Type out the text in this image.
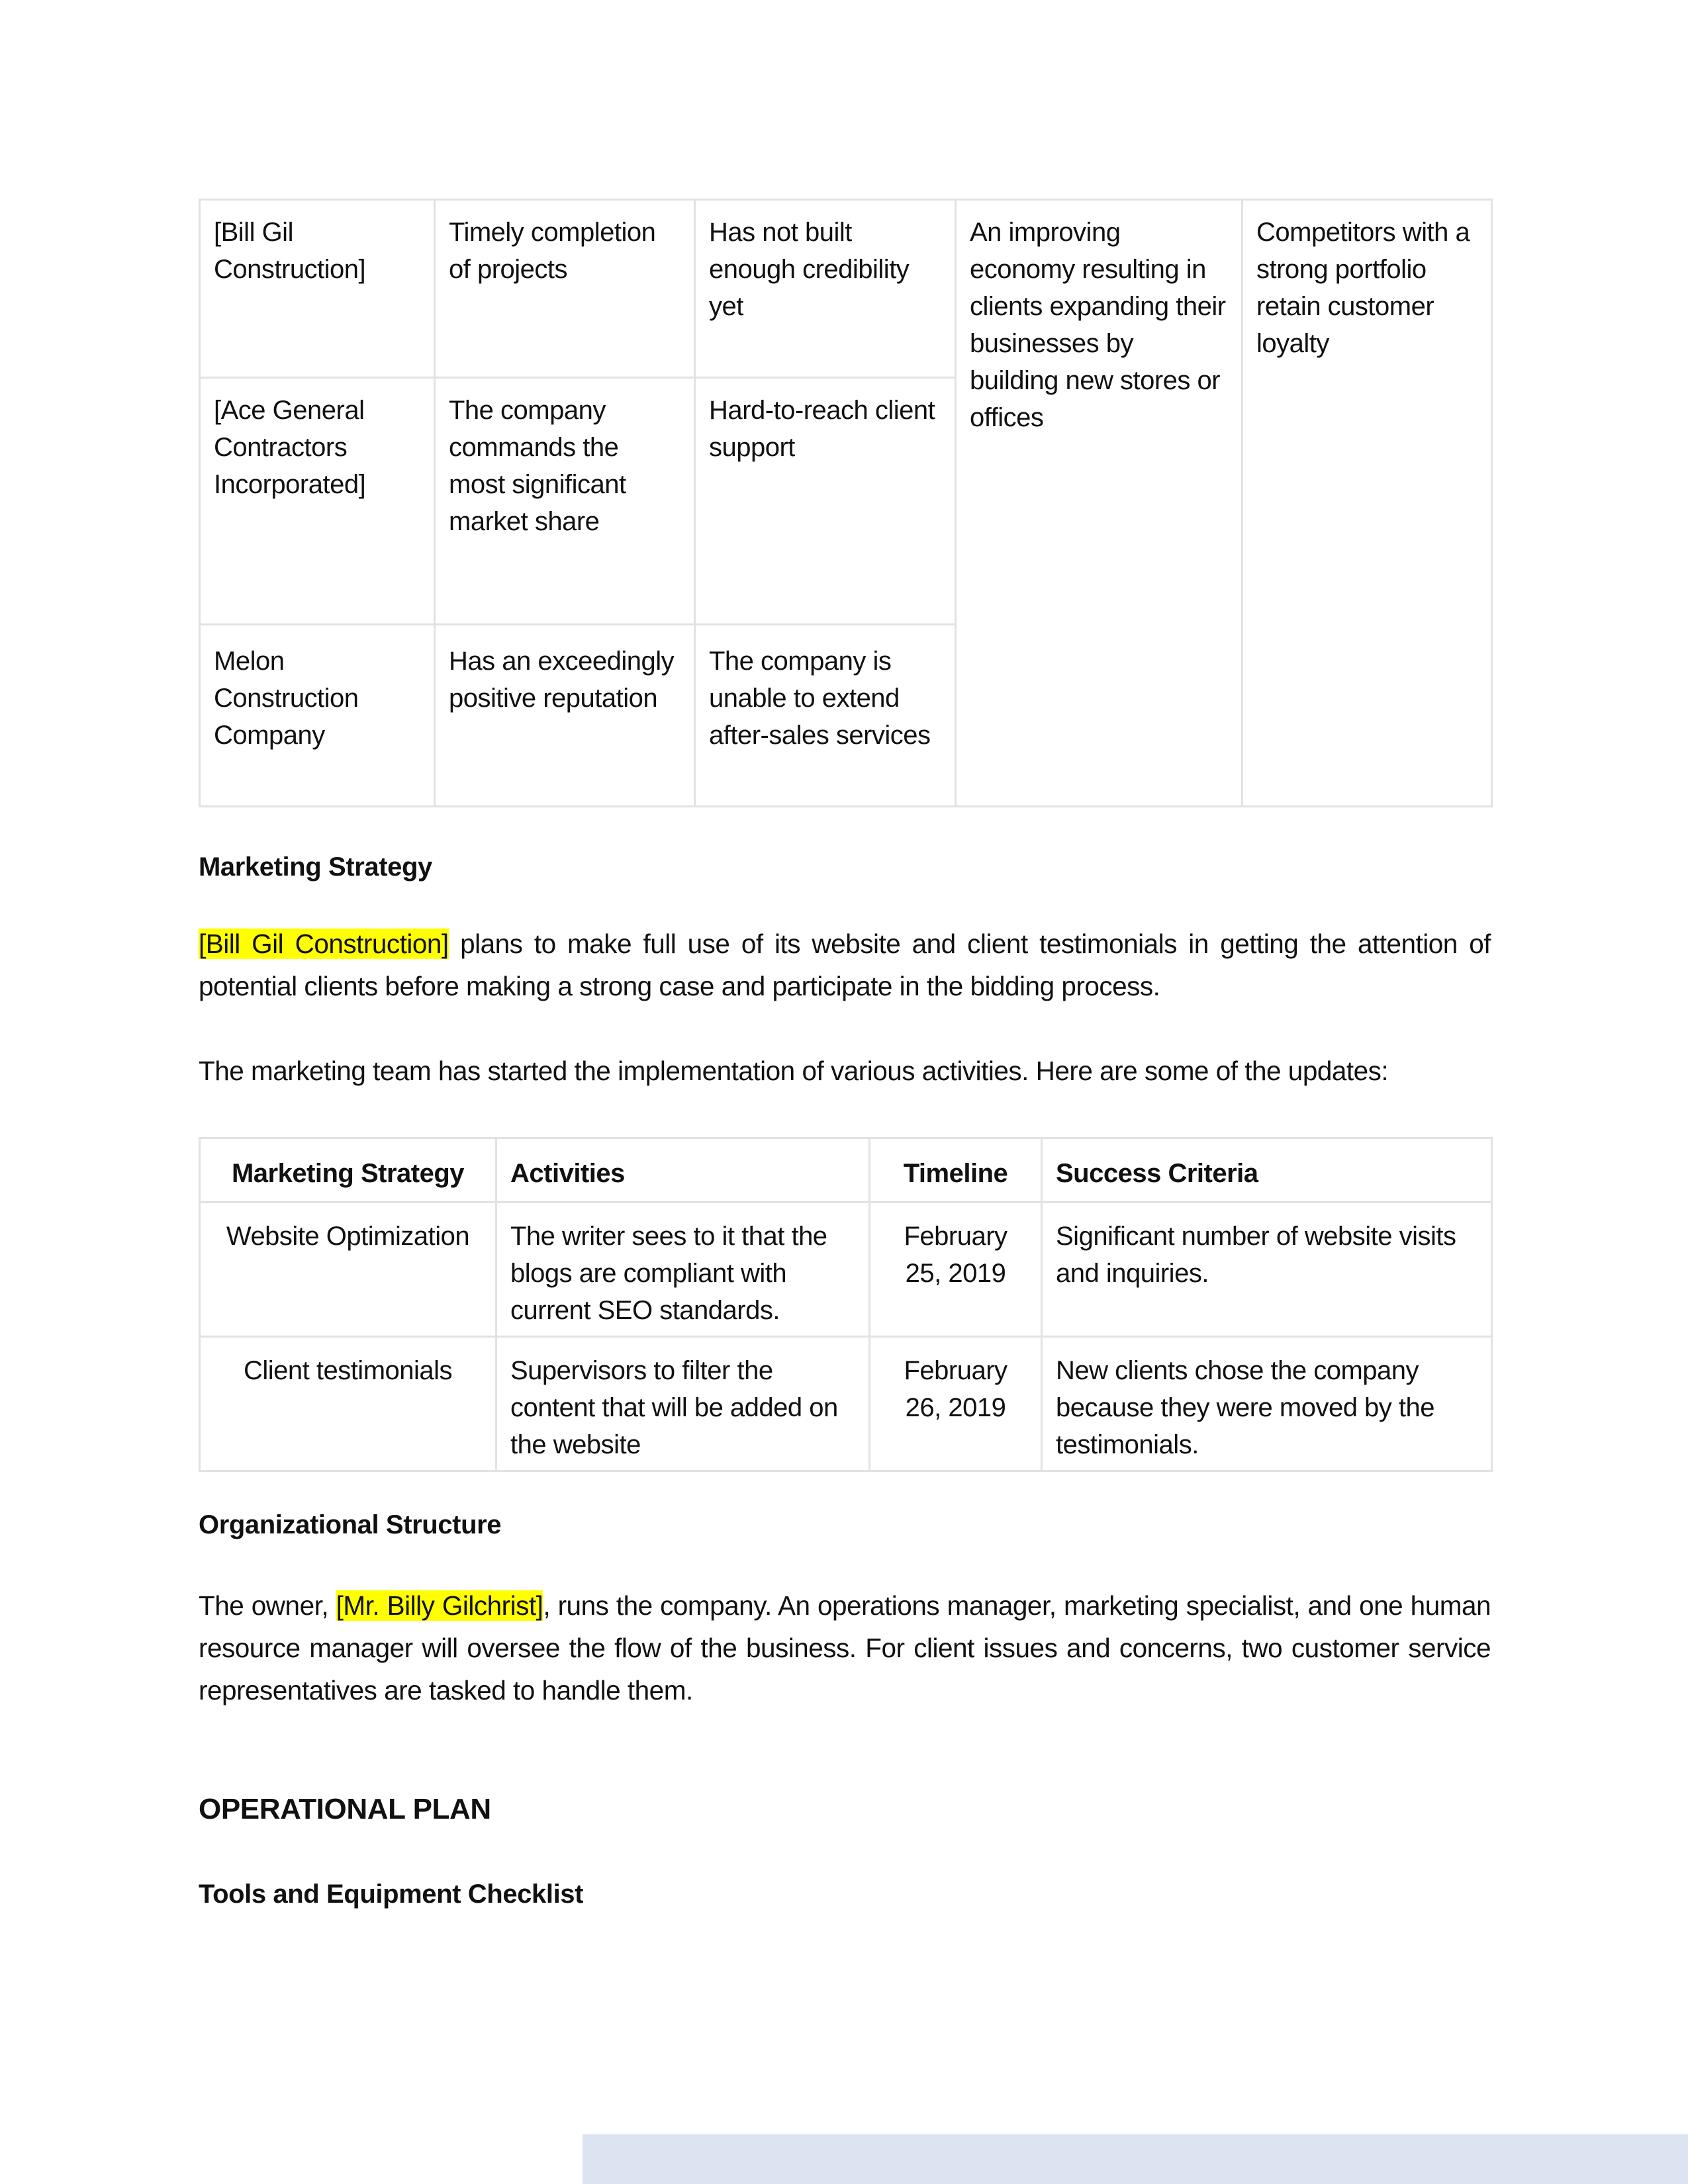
[Bill Gil Construction]	Timely completion of projects	Has not built enough credibility yet	An improving economy resulting in clients expanding their businesses by building new stores or offices	Competitors with a strong portfolio retain customer loyalty
[Ace General Contractors Incorporated]	The company commands the most significant market share	Hard-to-reach client support		
Melon Construction Company	Has an exceedingly positive reputation	The company is unable to extend after-sales services		
Marketing Strategy

[Bill Gil Construction] plans to make full use of its website and client testimonials in getting the attention of potential clients before making a strong case and participate in the bidding process.

The marketing team has started the implementation of various activities. Here are some of the updates:

Marketing Strategy	Activities	Timeline	Success Criteria
Website Optimization	The writer sees to it that the blogs are compliant with current SEO standards.	February 25, 2019	Significant number of website visits and inquiries.
Client testimonials	Supervisors to filter the content that will be added on the website	February 26, 2019	New clients chose the company because they were moved by the testimonials.
Organizational Structure

The owner, [Mr. Billy Gilchrist], runs the company. An operations manager, marketing specialist, and one human resource manager will oversee the flow of the business. For client issues and concerns, two customer service representatives are tasked to handle them.

OPERATIONAL PLAN
Tools and Equipment Checklist
